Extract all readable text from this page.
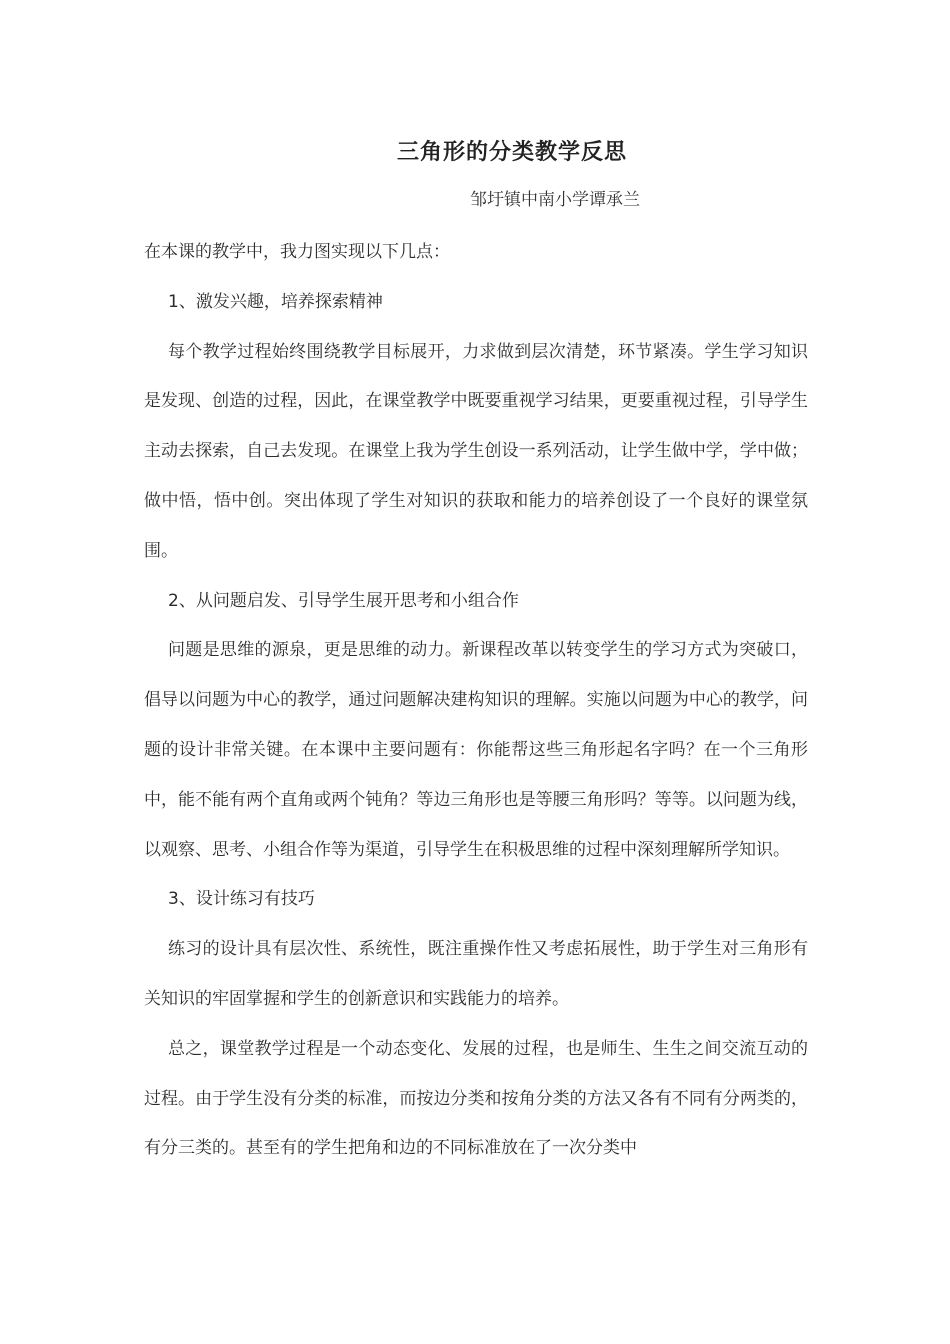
三角形的分类教学反思
邹圩镇中南小学谭承兰

在本课的教学中，我力图实现以下几点：

1、激发兴趣，培养探索精神

每个教学过程始终围绕教学目标展开，力求做到层次清楚，环节紧凑。学生学习知识是发现、创造的过程，因此，在课堂教学中既要重视学习结果，更要重视过程，引导学生主动去探索，自己去发现。在课堂上我为学生创设一系列活动，让学生做中学，学中做；做中悟，悟中创。突出体现了学生对知识的获取和能力的培养创设了一个良好的课堂氛围。

2、从问题启发、引导学生展开思考和小组合作

问题是思维的源泉，更是思维的动力。新课程改革以转变学生的学习方式为突破口，倡导以问题为中心的教学，通过问题解决建构知识的理解。实施以问题为中心的教学，问题的设计非常关键。在本课中主要问题有：你能帮这些三角形起名字吗？在一个三角形中，能不能有两个直角或两个钝角？等边三角形也是等腰三角形吗？等等。以问题为线，以观察、思考、小组合作等为渠道，引导学生在积极思维的过程中深刻理解所学知识。

3、设计练习有技巧

练习的设计具有层次性、系统性，既注重操作性又考虑拓展性，助于学生对三角形有关知识的牢固掌握和学生的创新意识和实践能力的培养。

总之，课堂教学过程是一个动态变化、发展的过程，也是师生、生生之间交流互动的过程。由于学生没有分类的标准，而按边分类和按角分类的方法又各有不同有分两类的，有分三类的。甚至有的学生把角和边的不同标准放在了一次分类中
